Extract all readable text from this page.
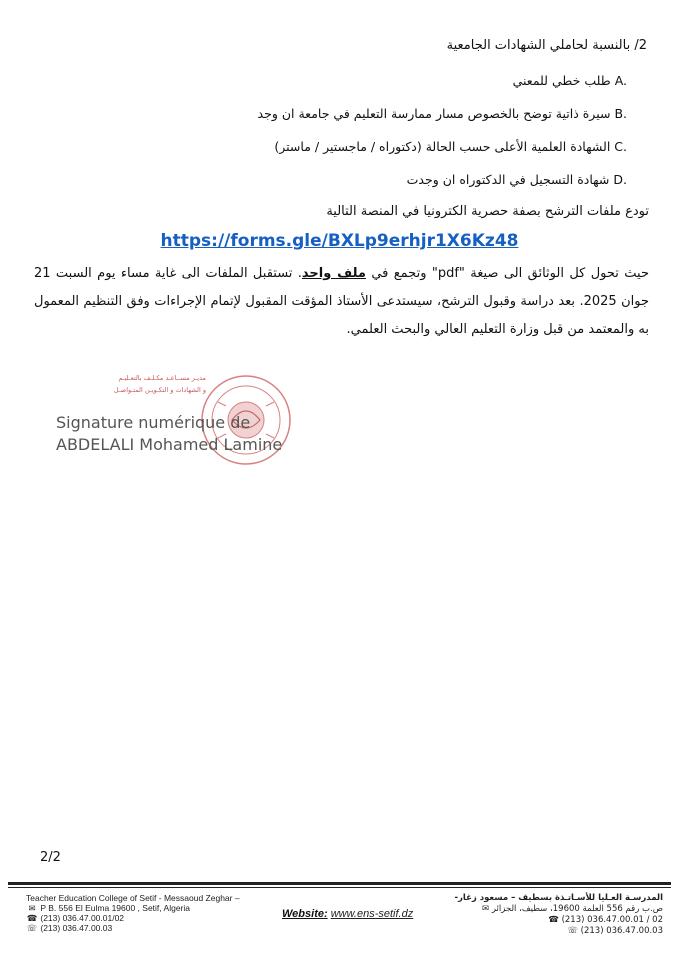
2/ بالنسبة لحاملي الشهادات الجامعية
A. طلب خطي للمعني
B. سيرة ذاتية توضح بالخصوص مسار ممارسة التعليم في جامعة ان وجد
C. الشهادة العلمية الأعلى حسب الحالة (دكتوراه / ماجستير / ماستر)
D. شهادة التسجيل في الدكتوراه ان وجدت
تودع ملفات الترشح بصفة حصرية الكترونيا في المنصة التالية
https://forms.gle/BXLp9erhjr1X6Kz48
حيث تحول كل الوثائق الى صيغة "pdf" وتجمع في ملف واحد. تستقبل الملفات الى غاية مساء يوم السبت 21 جوان 2025. بعد دراسة وقبول الترشح، سيستدعى الأستاذ المؤقت المقبول لإتمام الإجراءات وفق التنظيم المعمول به والمعتمد من قبل وزارة التعليم العالي والبحث العلمي.
مديـر مســاعـد مكـلـف بالتعـليـم
و الشهادات و التكـويـن المتـواصـل
Signature numérique de
ABDELALI Mohamed Lamine
2/2
Teacher Education College of Setif - Messaoud Zeghar –
✉ P B. 556 El Eulma 19600 , Setif, Algeria
☎ (213) 036.47.00.01/02
☏ (213) 036.47.00.03
Website: www.ens-setif.dz
المدرسـة العـليا للأسـاتـذة بسطيف – مسعود زغار-
ص.ب رقم 556 العلمة 19600، سطيف، الجزائر ✉
(213) 036.47.00.01 / 02 ☎
(213) 036.47.00.03 ☏
